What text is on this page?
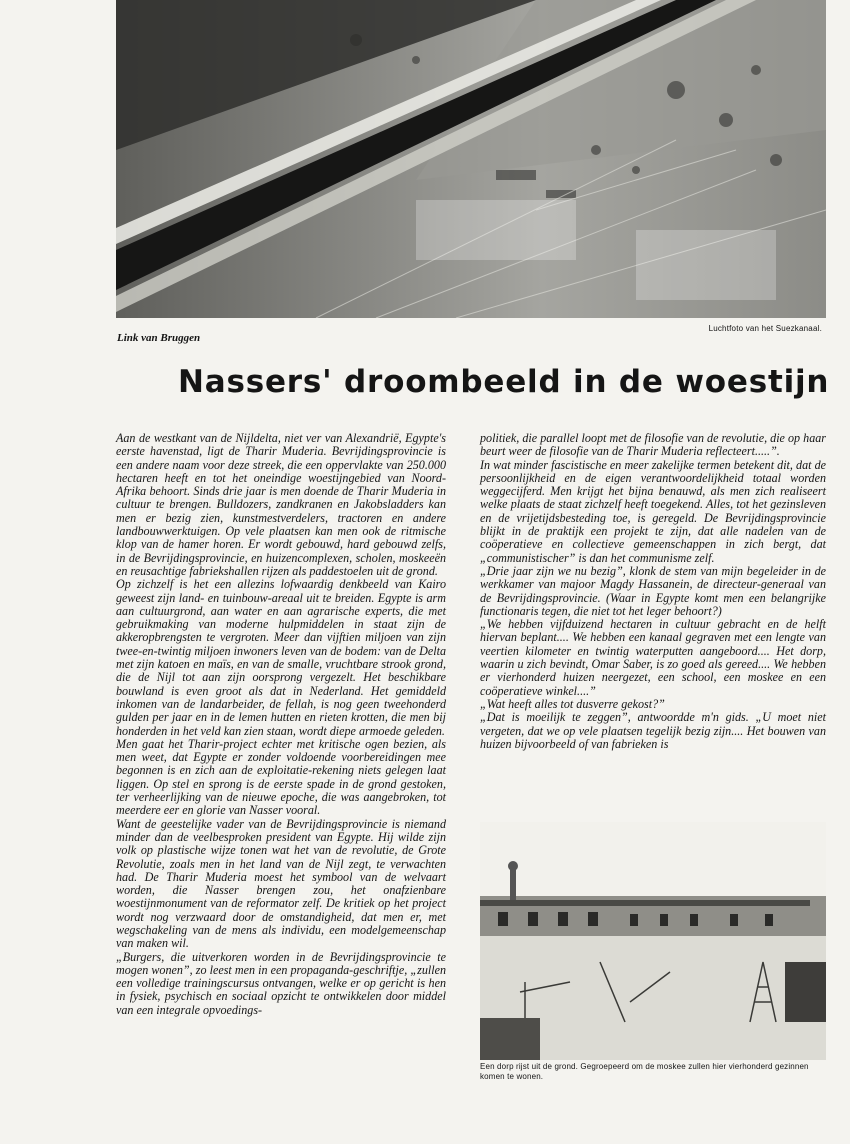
Link van Bruggen
Luchtfoto van het Suezkanaal.
Nassers' droombeeld in de woestijn

Aan de westkant van de Nijldelta, niet ver van Alexandrië, Egypte's eerste havenstad, ligt de Tharir Muderia. Bevrijdingsprovincie is een andere naam voor deze streek, die een oppervlakte van 250.000 hectaren heeft en tot het oneindige woestijngebied van Noord-Afrika behoort. Sinds drie jaar is men doende de Tharir Muderia in cultuur te brengen. Bulldozers, zandkranen en Jakobsladders kan men er bezig zien, kunstmestverdelers, tractoren en andere landbouwwerktuigen. Op vele plaatsen kan men ook de ritmische klop van de hamer horen. Er wordt gebouwd, hard gebouwd zelfs, in de Bevrijdingsprovincie, en huizencomplexen, scholen, moskeeën en reusachtige fabriekshallen rijzen als paddestoelen uit de grond.

Op zichzelf is het een allezins lofwaardig denkbeeld van Kairo geweest zijn land- en tuinbouw-areaal uit te breiden. Egypte is arm aan cultuurgrond, aan water en aan agrarische experts, die met gebruikmaking van moderne hulpmiddelen in staat zijn de akkeropbrengsten te vergroten. Meer dan vijftien miljoen van zijn twee-en-twintig miljoen inwoners leven van de bodem: van de Delta met zijn katoen en maïs, en van de smalle, vruchtbare strook grond, die de Nijl tot aan zijn oorsprong vergezelt. Het beschikbare bouwland is even groot als dat in Nederland. Het gemiddeld inkomen van de landarbeider, de fellah, is nog geen tweehonderd gulden per jaar en in de lemen hutten en rieten krotten, die men bij honderden in het veld kan zien staan, wordt diepe armoede geleden.

Men gaat het Tharir-project echter met kritische ogen bezien, als men weet, dat Egypte er zonder voldoende voorbereidingen mee begonnen is en zich aan de exploitatie-rekening niets gelegen laat liggen. Op stel en sprong is de eerste spade in de grond gestoken, ter verheerlijking van de nieuwe epoche, die was aangebroken, tot meerdere eer en glorie van Nasser vooral.

Want de geestelijke vader van de Bevrijdingsprovincie is niemand minder dan de veelbesproken president van Egypte. Hij wilde zijn volk op plastische wijze tonen wat het van de revolutie, de Grote Revolutie, zoals men in het land van de Nijl zegt, te verwachten had. De Tharir Muderia moest het symbool van de welvaart worden, die Nasser brengen zou, het onafzienbare woestijnmonument van de reformator zelf. De kritiek op het project wordt nog verzwaard door de omstandigheid, dat men er, met wegschakeling van de mens als individu, een modelgemeenschap van maken wil.

„Burgers, die uitverkoren worden in de Bevrijdingsprovincie te mogen wonen”, zo leest men in een propaganda-geschriftje, „zullen een volledige trainingscursus ontvangen, welke er op gericht is hen in fysiek, psychisch en sociaal opzicht te ontwikkelen door middel van een integrale opvoedings-

politiek, die parallel loopt met de filosofie van de revolutie, die op haar beurt weer de filosofie van de Tharir Muderia reflecteert.....”.

In wat minder fascistische en meer zakelijke termen betekent dit, dat de persoonlijkheid en de eigen verantwoordelijkheid totaal worden weggecijferd. Men krijgt het bijna benauwd, als men zich realiseert welke plaats de staat zichzelf heeft toegekend. Alles, tot het gezinsleven en de vrijetijdsbesteding toe, is geregeld. De Bevrijdingsprovincie blijkt in de praktijk een projekt te zijn, dat alle nadelen van de coöperatieve en collectieve gemeenschappen in zich bergt, dat „communistischer” is dan het communisme zelf.

„Drie jaar zijn we nu bezig”, klonk de stem van mijn begeleider in de werkkamer van majoor Magdy Hassanein, de directeur-generaal van de Bevrijdingsprovincie. (Waar in Egypte komt men een belangrijke functionaris tegen, die niet tot het leger behoort?)

„We hebben vijfduizend hectaren in cultuur gebracht en de helft hiervan beplant.... We hebben een kanaal gegraven met een lengte van veertien kilometer en twintig waterputten aangeboord.... Het dorp, waarin u zich bevindt, Omar Saber, is zo goed als gereed.... We hebben er vierhonderd huizen neergezet, een school, een moskee en een coöperatieve winkel....”

„Wat heeft alles tot dusverre gekost?”

„Dat is moeilijk te zeggen”, antwoordde m'n gids. „U moet niet vergeten, dat we op vele plaatsen tegelijk bezig zijn.... Het bouwen van huizen bijvoorbeeld of van fabrieken is

Een dorp rijst uit de grond. Gegroepeerd om de moskee zullen hier vierhonderd gezinnen komen te wonen.
